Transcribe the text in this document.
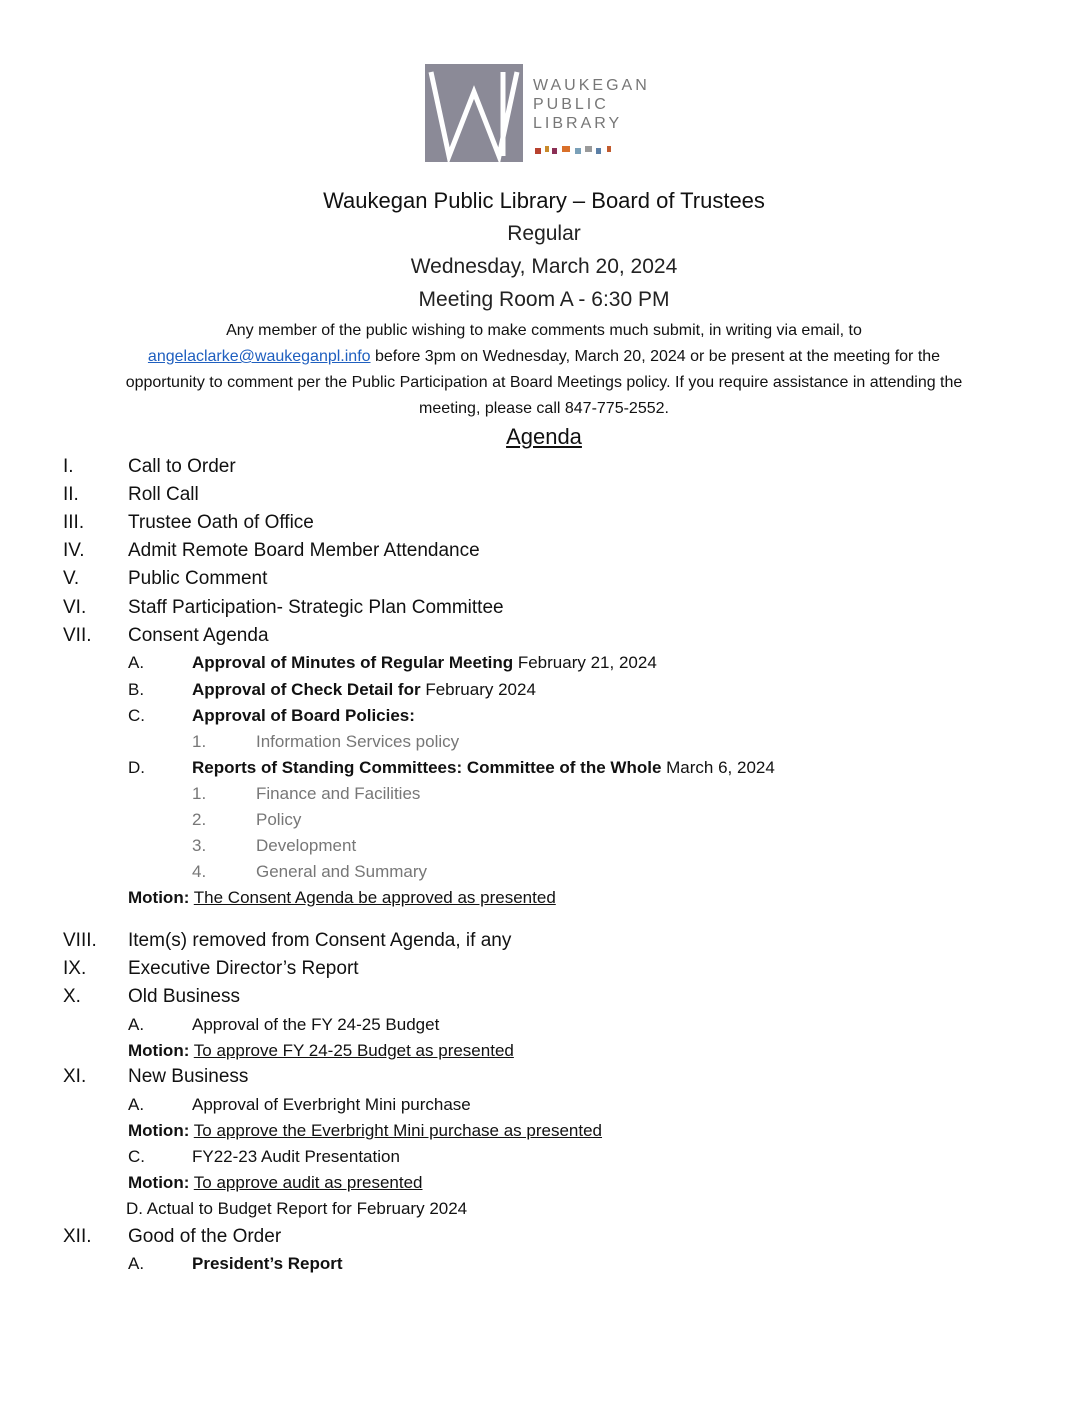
WAUKEGAN
PUBLIC
LIBRARY
Waukegan Public Library – Board of Trustees
Regular
Wednesday, March 20, 2024
Meeting Room A - 6:30 PM
Any member of the public wishing to make comments much submit, in writing via email, to
angelaclarke@waukeganpl.info before 3pm on Wednesday, March 20, 2024 or be present at the meeting for the
opportunity to comment per the Public Participation at Board Meetings policy. If you require assistance in attending the
meeting, please call 847-775-2552.
Agenda
I.	Call to Order
II.	Roll Call
III. Trustee Oath of Office
IV. Admit Remote Board Member Attendance
V.	Public Comment
VI. Staff Participation- Strategic Plan Committee
VII. Consent Agenda
A.	Approval of Minutes of Regular Meeting February 21, 2024
B.	Approval of Check Detail for February 2024
C.	Approval of Board Policies:
1.	Information Services policy
D.	Reports of Standing Committees: Committee of the Whole March 6, 2024
1.	Finance and Facilities
2.	Policy
3.	Development
4.	General and Summary
Motion: The Consent Agenda be approved as presented
VIII. Item(s) removed from Consent Agenda, if any
IX. Executive Director’s Report
X. Old Business
A.	Approval of the FY 24-25 Budget
Motion: To approve FY 24-25 Budget as presented
XI. New Business
A.	Approval of Everbright Mini purchase
Motion: To approve the Everbright Mini purchase as presented
C.	FY22-23 Audit Presentation
Motion: To approve audit as presented
D. Actual to Budget Report for February 2024
XII. Good of the Order
A.	President’s Report
